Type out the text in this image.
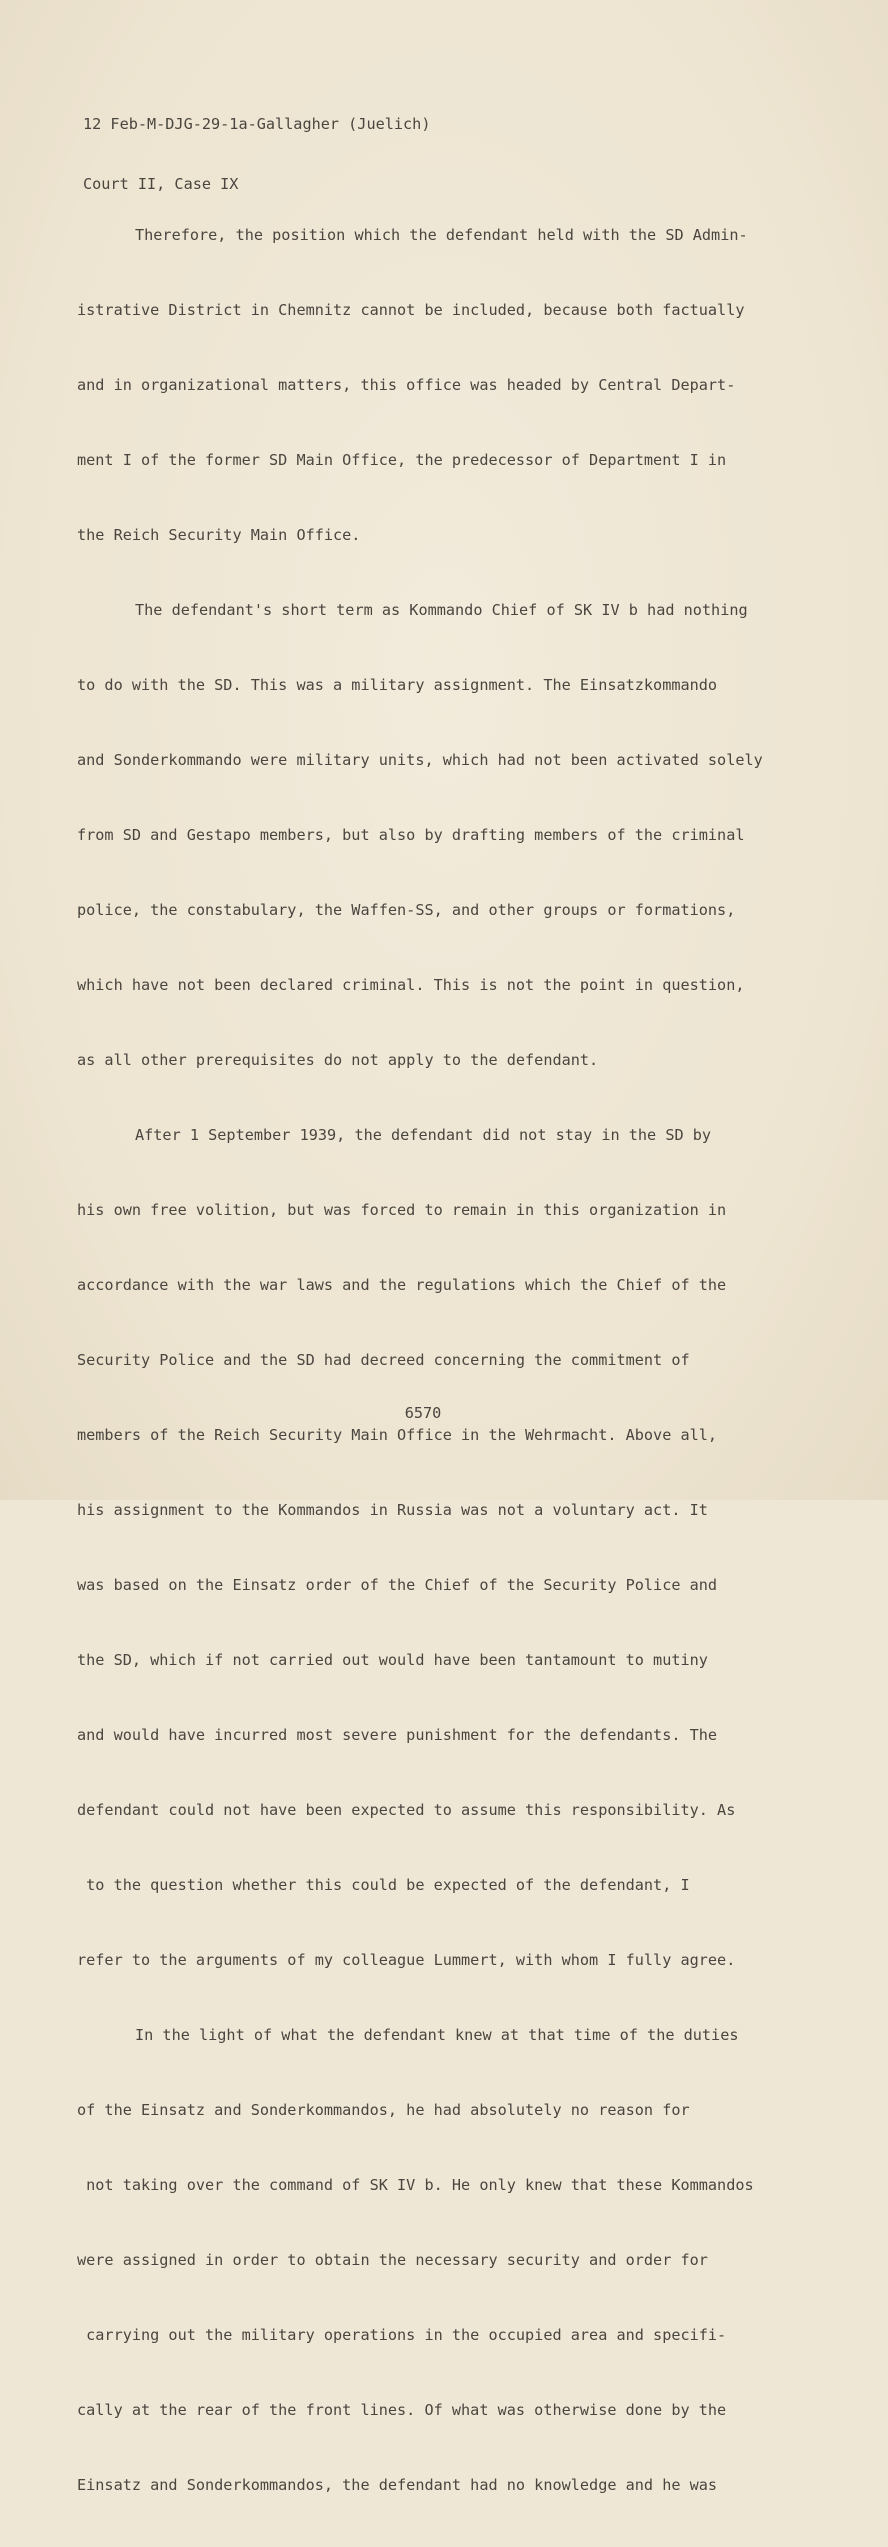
12 Feb-M-DJG-29-1a-Gallagher (Juelich)

Court II, Case IX

Therefore, the position which the defendant held with the SD Admin-

istrative District in Chemnitz cannot be included, because both factually

and in organizational matters, this office was headed by Central Depart-

ment I of the former SD Main Office, the predecessor of Department I in

the Reich Security Main Office.

The defendant's short term as Kommando Chief of SK IV b had nothing

to do with the SD. This was a military assignment. The Einsatzkommando

and Sonderkommando were military units, which had not been activated solely

from SD and Gestapo members, but also by drafting members of the criminal

police, the constabulary, the Waffen-SS, and other groups or formations,

which have not been declared criminal. This is not the point in question,

as all other prerequisites do not apply to the defendant.

After 1 September 1939, the defendant did not stay in the SD by

his own free volition, but was forced to remain in this organization in

accordance with the war laws and the regulations which the Chief of the

Security Police and the SD had decreed concerning the commitment of

members of the Reich Security Main Office in the Wehrmacht. Above all,

his assignment to the Kommandos in Russia was not a voluntary act. It

was based on the Einsatz order of the Chief of the Security Police and

the SD, which if not carried out would have been tantamount to mutiny

and would have incurred most severe punishment for the defendants. The

defendant could not have been expected to assume this responsibility. As

to the question whether this could be expected of the defendant, I

refer to the arguments of my colleague Lummert, with whom I fully agree.

In the light of what the defendant knew at that time of the duties

of the Einsatz and Sonderkommandos, he had absolutely no reason for

not taking over the command of SK IV b. He only knew that these Kommandos

were assigned in order to obtain the necessary security and order for

carrying out the military operations in the occupied area and specifi-

cally at the rear of the front lines. Of what was otherwise done by the

Einsatz and Sonderkommandos, the defendant had no knowledge and he was

6570
